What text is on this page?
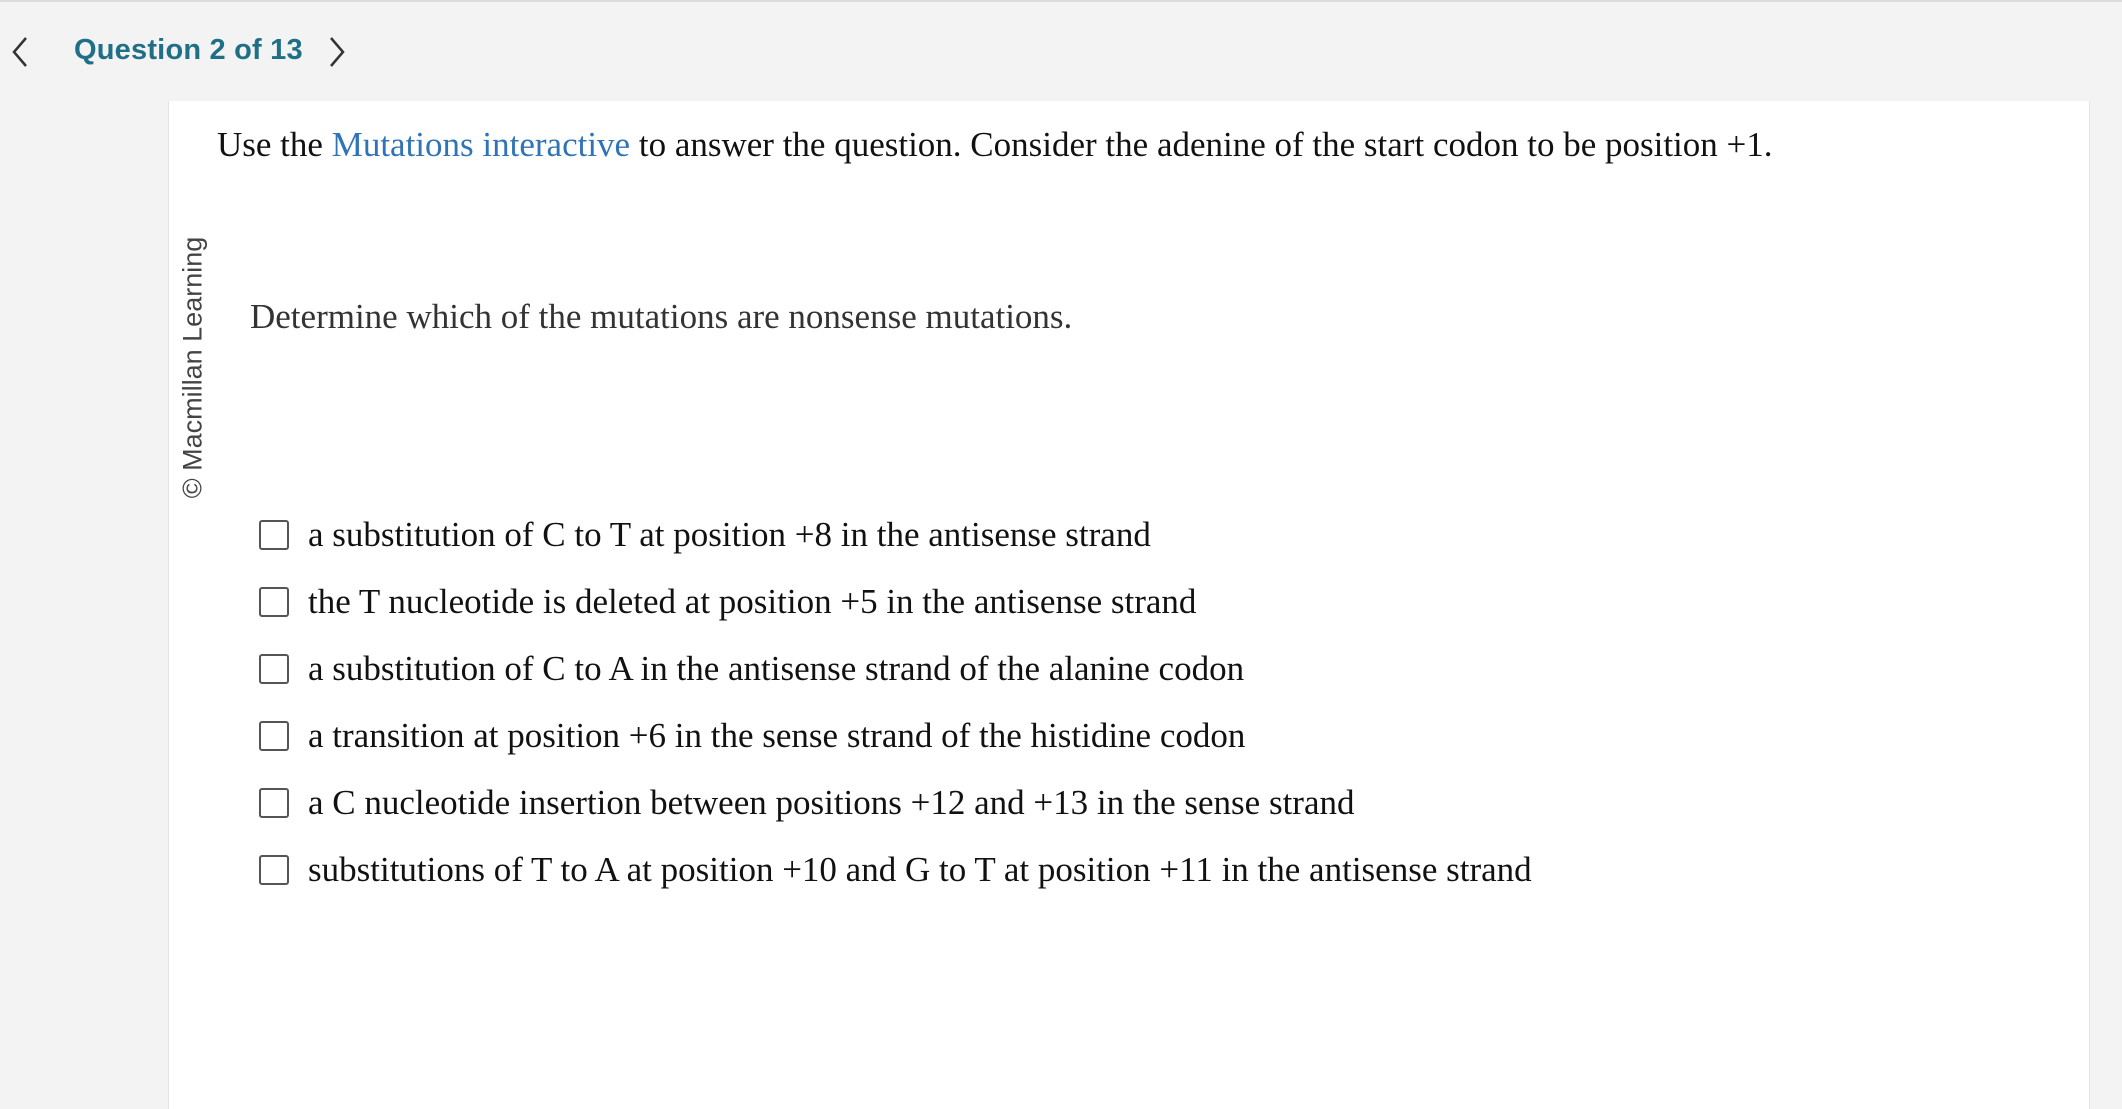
Question 2 of 13
© Macmillan Learning
Use the Mutations interactive to answer the question. Consider the adenine of the start codon to be position +1.
Determine which of the mutations are nonsense mutations.
a substitution of C to T at position +8 in the antisense strand
the T nucleotide is deleted at position +5 in the antisense strand
a substitution of C to A in the antisense strand of the alanine codon
a transition at position +6 in the sense strand of the histidine codon
a C nucleotide insertion between positions +12 and +13 in the sense strand
substitutions of T to A at position +10 and G to T at position +11 in the antisense strand
